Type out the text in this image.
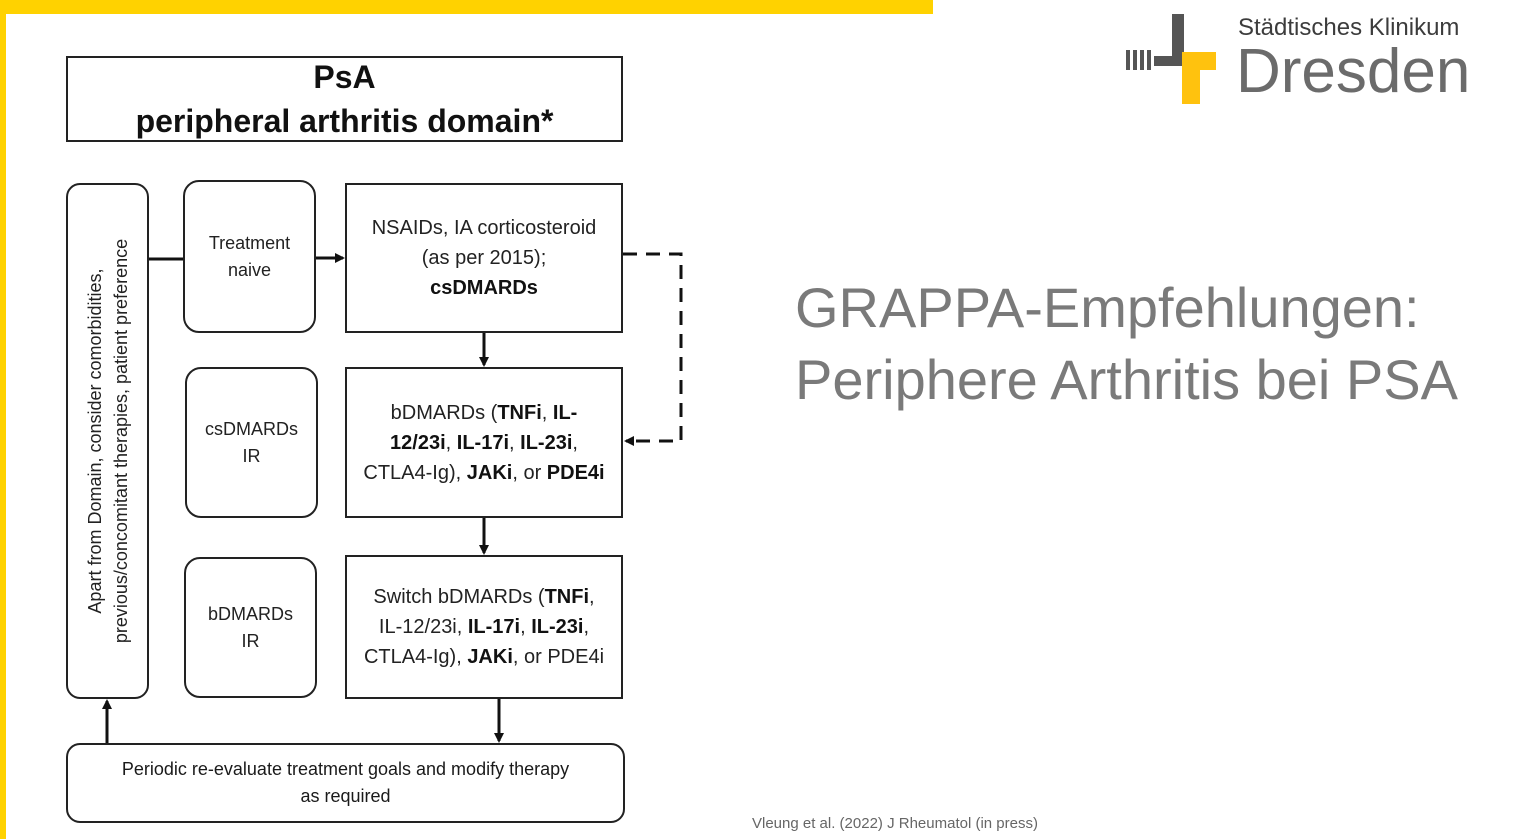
PsA
peripheral arthritis domain*
Apart from Domain, consider comorbidities, previous/concomitant therapies, patient preference	Treatment
naive
csDMARDs
IR
bDMARDs
IR
NSAIDs, IA corticosteroid
(as per 2015);
csDMARDs
bDMARDs (TNFi, IL-
12/23i, IL-17i, IL-23i,
CTLA4-Ig), JAKi, or PDE4i
Switch bDMARDs (TNFi,
IL-12/23i, IL-17i, IL-23i,
CTLA4-Ig), JAKi, or PDE4i
Periodic re-evaluate treatment goals and modify therapy
as required
Städtisches Klinikum
Dresden
GRAPPA-Empfehlungen:
Periphere Arthritis bei PSA
Vleung et al. (2022) J Rheumatol (in press)
